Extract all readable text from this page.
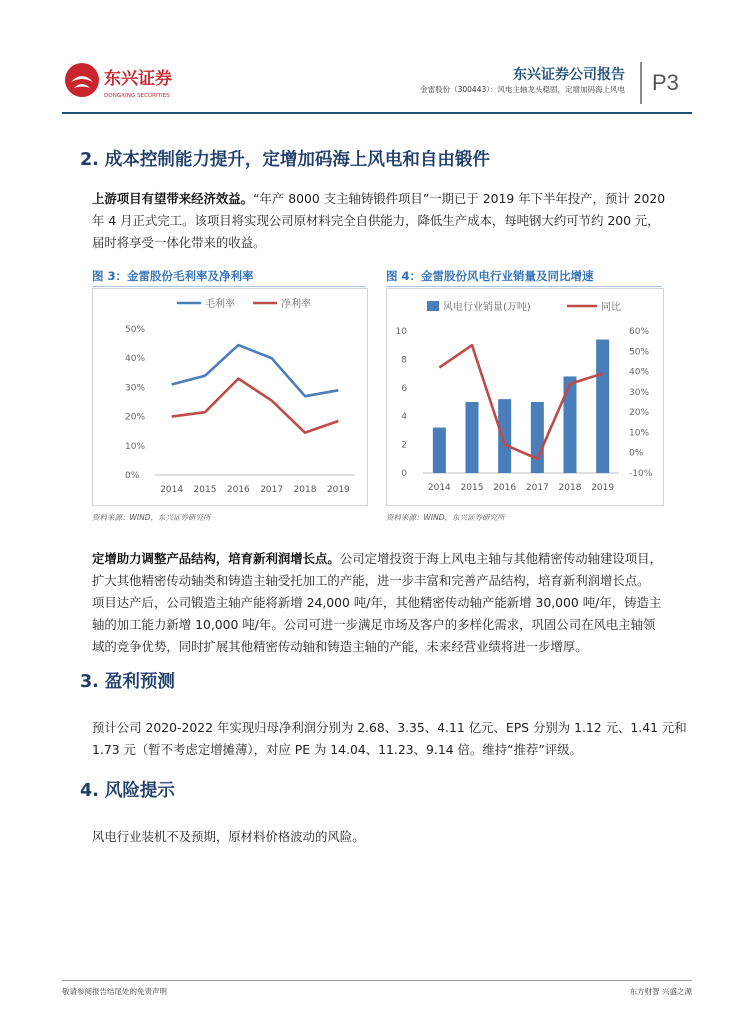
东兴证券
DONGXING SECURITIES
东兴证券公司报告
金雷股份（300443）：风电主轴龙头稳固，定增加码海上风电 P3
2. 成本控制能力提升，定增加码海上风电和自由锻件
上游项目有望带来经济效益。“年产 8000 支主轴铸锻件项目”一期已于 2019 年下半年投产，预计 2020
年 4 月正式完工。该项目将实现公司原材料完全自供能力，降低生产成本，每吨钢大约可节约 200 元，
届时将享受一体化带来的收益。
图 3：金雷股份毛利率及净利率
0%
10%
20%
30%
40%
50%
2014 2015 2016 2017 2018 2019
毛利率	净利率
资料来源：WIND，东兴证券研究所
图 4：金雷股份风电行业销量及同比增速
0
2
4
6
8
10
-10%
0%
10%
20%
30%
40%
50%
60%
2014 2015 2016 2017 2018 2019
风电行业销量(万吨)	同比
资料来源：WIND，东兴证券研究所
定增助力调整产品结构，培育新利润增长点。公司定增投资于海上风电主轴与其他精密传动轴建设项目，
扩大其他精密传动轴类和铸造主轴受托加工的产能，进一步丰富和完善产品结构，培育新利润增长点。
项目达产后，公司锻造主轴产能将新增 24,000 吨/年，其他精密传动轴产能新增 30,000 吨/年，铸造主
轴的加工能力新增 10,000 吨/年。公司可进一步满足市场及客户的多样化需求，巩固公司在风电主轴领
域的竞争优势，同时扩展其他精密传动轴和铸造主轴的产能，未来经营业绩将进一步增厚。
3. 盈利预测
预计公司 2020-2022 年实现归母净利润分别为 2.68、3.35、4.11 亿元、EPS 分别为 1.12 元、1.41 元和
1.73 元（暂不考虑定增摊薄），对应 PE 为 14.04、11.23、9.14 倍。维持“推荐”评级。
4. 风险提示
风电行业装机不及预期，原材料价格波动的风险。
敬请参阅报告结尾处的免责声明	东方财智 兴盛之源
